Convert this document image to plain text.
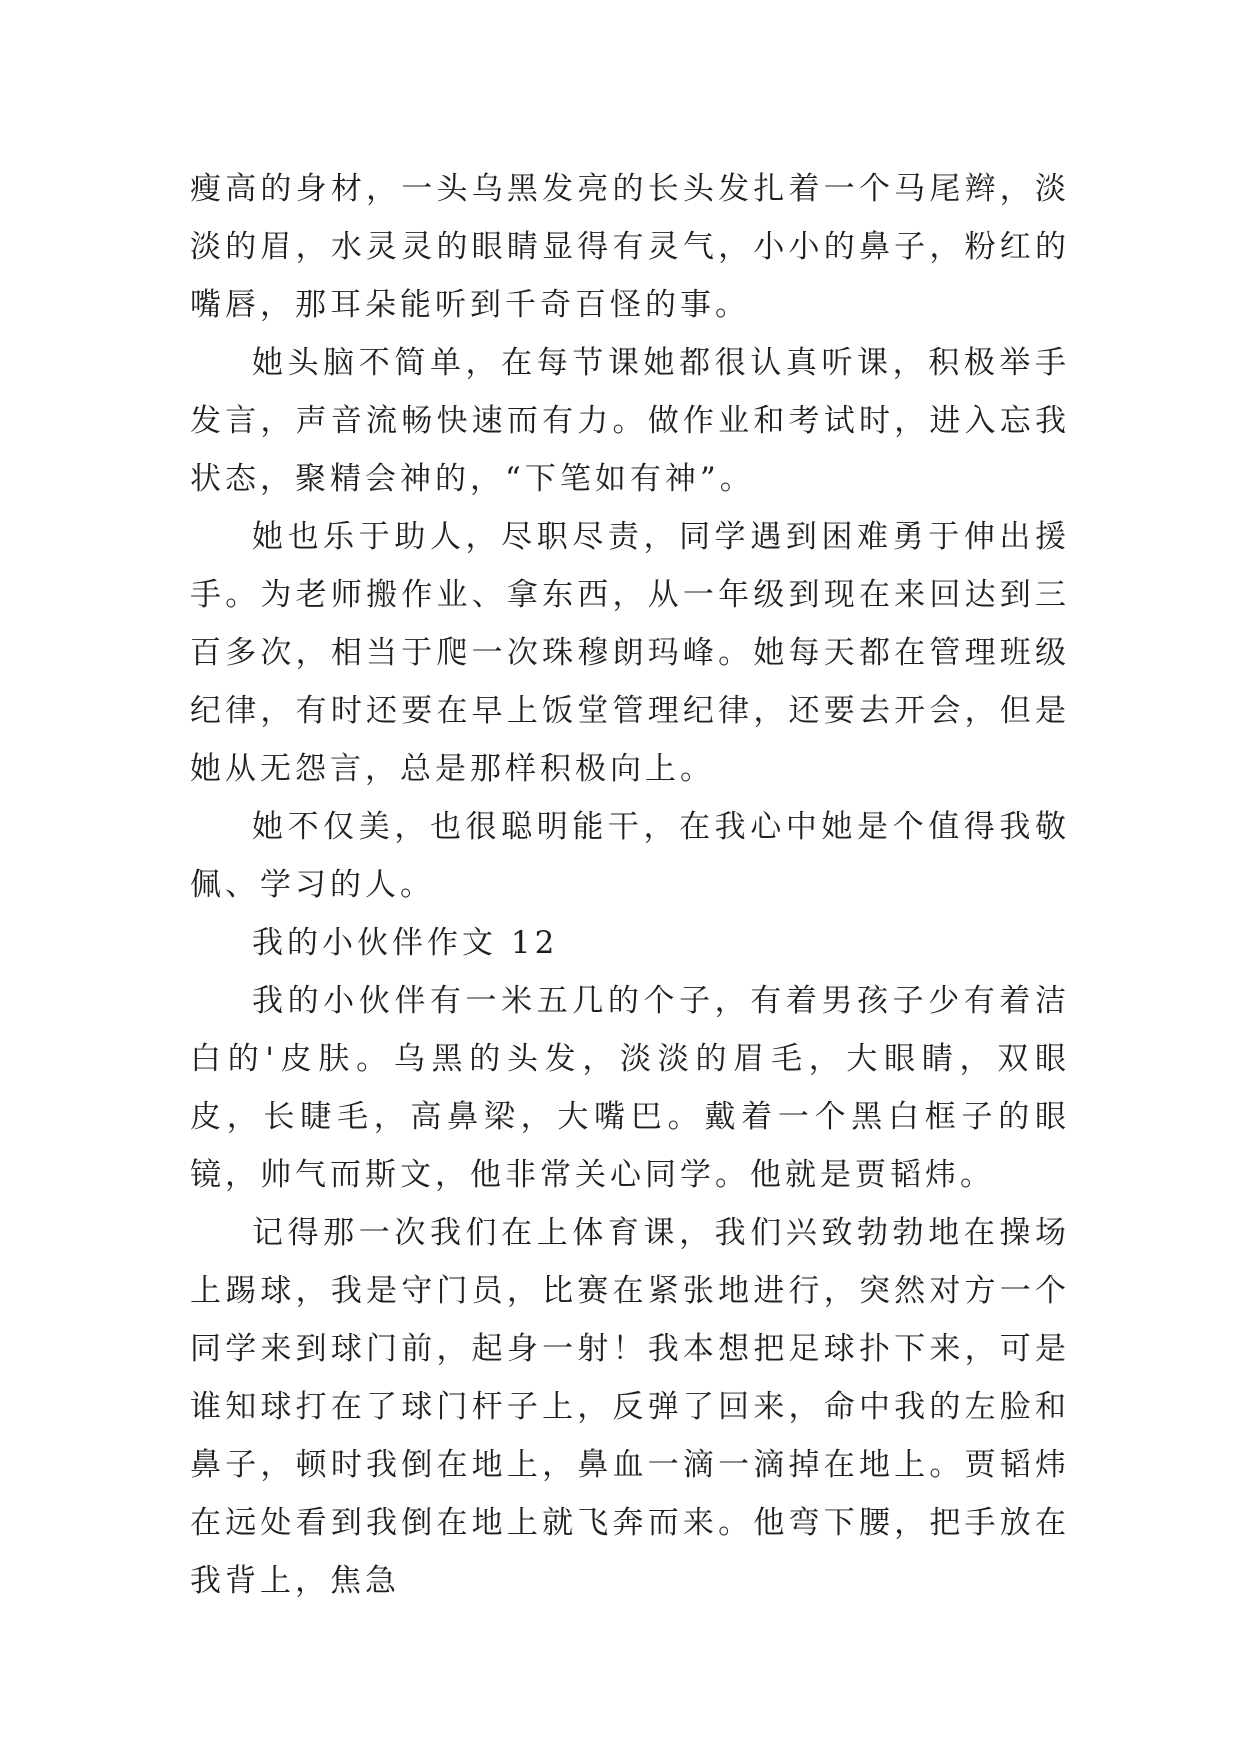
瘦高的身材，一头乌黑发亮的长头发扎着一个马尾辫，淡淡的眉，水灵灵的眼睛显得有灵气，小小的鼻子，粉红的嘴唇，那耳朵能听到千奇百怪的事。

她头脑不简单，在每节课她都很认真听课，积极举手发言，声音流畅快速而有力。做作业和考试时，进入忘我状态，聚精会神的，“下笔如有神”。

她也乐于助人，尽职尽责，同学遇到困难勇于伸出援手。为老师搬作业、拿东西，从一年级到现在来回达到三百多次，相当于爬一次珠穆朗玛峰。她每天都在管理班级纪律，有时还要在早上饭堂管理纪律，还要去开会，但是她从无怨言，总是那样积极向上。

她不仅美，也很聪明能干，在我心中她是个值得我敬佩、学习的人。

我的小伙伴作文 12

我的小伙伴有一米五几的个子，有着男孩子少有着洁白的'皮肤。乌黑的头发，淡淡的眉毛，大眼睛，双眼皮，长睫毛，高鼻梁，大嘴巴。戴着一个黑白框子的眼镜，帅气而斯文，他非常关心同学。他就是贾韬炜。

记得那一次我们在上体育课，我们兴致勃勃地在操场上踢球，我是守门员，比赛在紧张地进行，突然对方一个同学来到球门前，起身一射！我本想把足球扑下来，可是谁知球打在了球门杆子上，反弹了回来，命中我的左脸和鼻子，顿时我倒在地上，鼻血一滴一滴掉在地上。贾韬炜在远处看到我倒在地上就飞奔而来。他弯下腰，把手放在我背上，焦急
